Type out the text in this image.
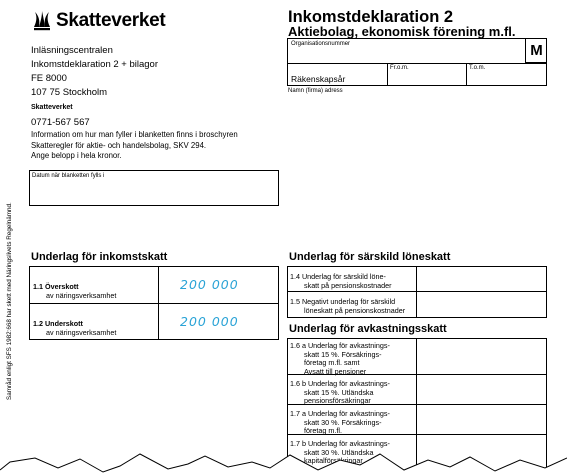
Skatteverket
Inläsningscentralen
Inkomstdeklaration 2 + bilagor
FE 8000
107 75 Stockholm
Skatteverket
0771-567 567
Information om hur man fyller i blanketten finns i broschyren
Skatteregler för aktie- och handelsbolag, SKV 294.
Ange belopp i hela kronor.
Datum när blanketten fylls i
Samråd enligt SFS 1982:668 har skett med Näringslivets Regelnämnd.
Inkomstdeklaration 2
Aktiebolag, ekonomisk förening m.fl.
Organisationsnummer	M
Räkenskapsår
Fr.o.m.	T.o.m.
Namn (firma) adress
Underlag för inkomstskatt
1.1 Överskott
av näringsverksamhet
200 000
1.2 Underskott
av näringsverksamhet
200 000
Underlag för särskild löneskatt
1.4 Underlag för särskild löne-
skatt på pensionskostnader
1.5 Negativt underlag för särskild
löneskatt på pensionskostnader
Underlag för avkastningsskatt
1.6 a Underlag för avkastnings-
skatt 15 %. Försäkrings-
företag m.fl. samt
Avsatt till pensioner
1.6 b Underlag för avkastnings-
skatt 15 %. Utländska
pensionsförsäkringar
1.7 a Underlag för avkastnings-
skatt 30 %. Försäkrings-
företag m.fl.
1.7 b Underlag för avkastnings-
skatt 30 %. Utländska
kapitalförsäkringar
